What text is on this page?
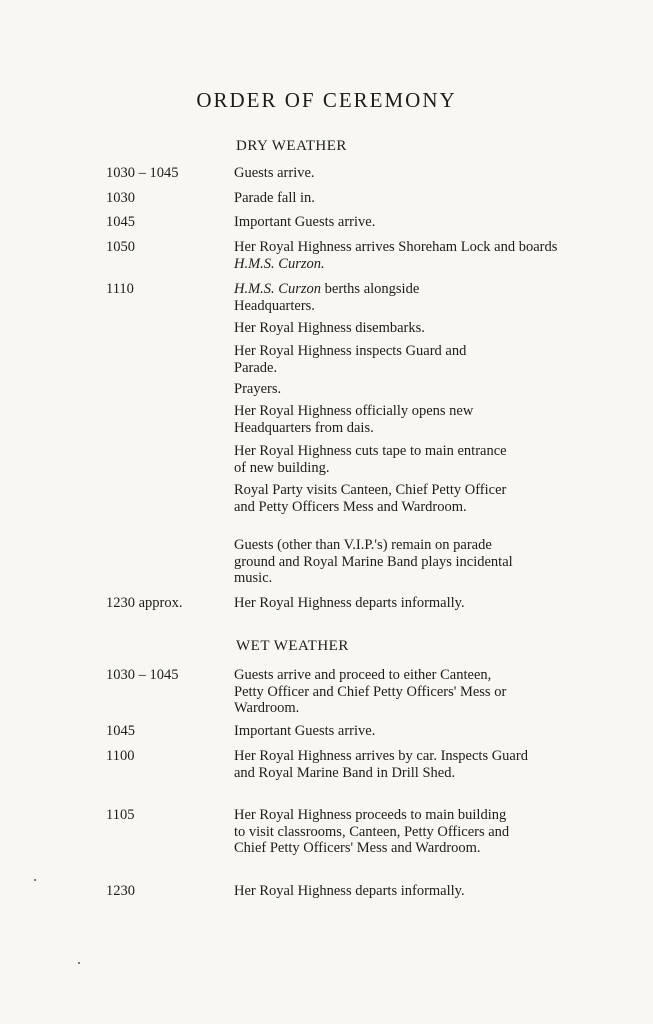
ORDER OF CEREMONY
DRY WEATHER
1030 – 1045	Guests arrive.
1030	Parade fall in.
1045	Important Guests arrive.
1050	Her Royal Highness arrives Shoreham Lock and boards H.M.S. Curzon.
1110	H.M.S. Curzon berths alongside Headquarters.
Her Royal Highness disembarks.
Her Royal Highness inspects Guard and Parade.
Prayers.
Her Royal Highness officially opens new Headquarters from dais.
Her Royal Highness cuts tape to main entrance of new building.
Royal Party visits Canteen, Chief Petty Officer and Petty Officers Mess and Wardroom.
Guests (other than V.I.P.'s) remain on parade ground and Royal Marine Band plays incidental music.
1230 approx.	Her Royal Highness departs informally.
WET WEATHER
1030 – 1045	Guests arrive and proceed to either Canteen, Petty Officer and Chief Petty Officers' Mess or Wardroom.
1045	Important Guests arrive.
1100	Her Royal Highness arrives by car. Inspects Guard and Royal Marine Band in Drill Shed.
1105	Her Royal Highness proceeds to main building to visit classrooms, Canteen, Petty Officers and Chief Petty Officers' Mess and Wardroom.
1230	Her Royal Highness departs informally.
